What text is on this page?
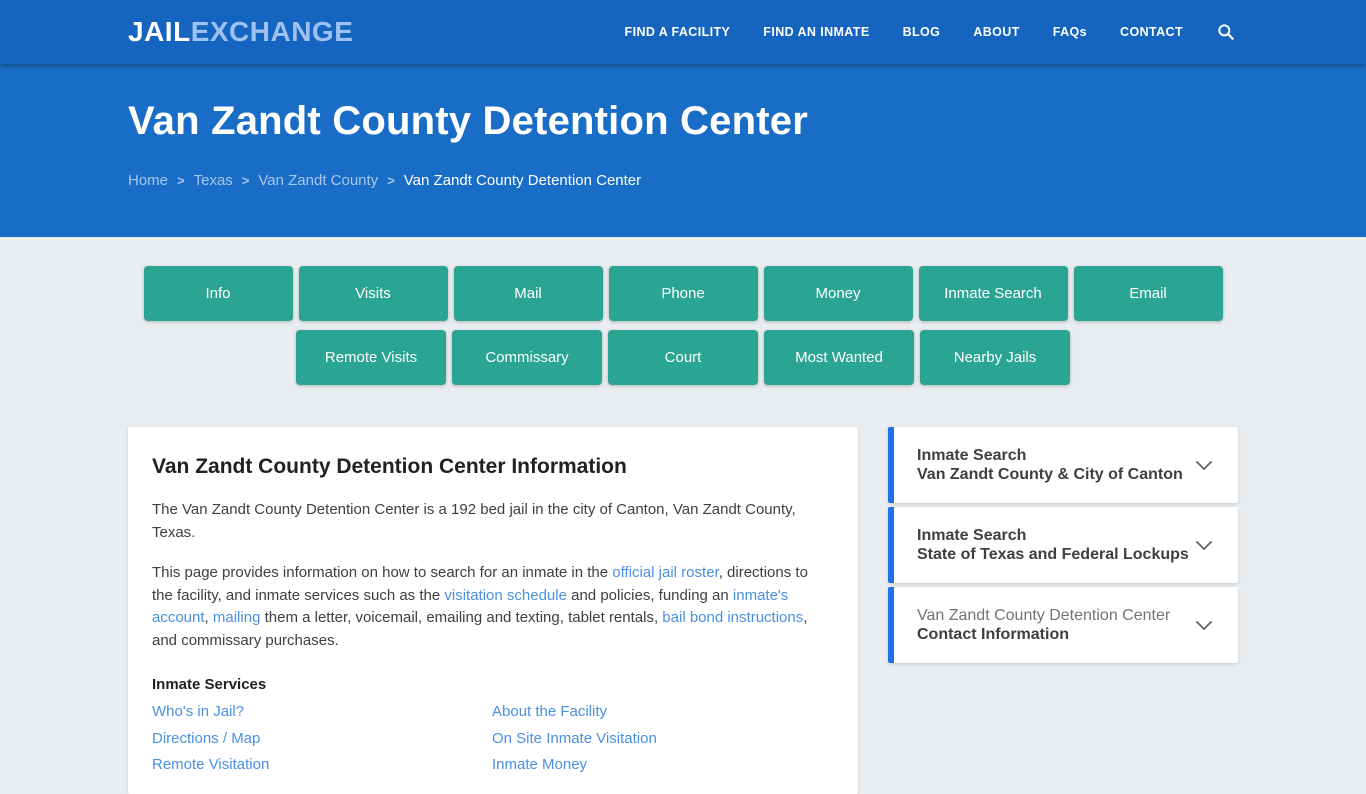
JAILEXCHANGE	FIND A FACILITY	FIND AN INMATE	BLOG	ABOUT	FAQs	CONTACT
Van Zandt County Detention Center
Home > Texas > Van Zandt County > Van Zandt County Detention Center
Info	Visits	Mail	Phone	Money	Inmate Search	Email
Remote Visits	Commissary	Court	Most Wanted	Nearby Jails
Van Zandt County Detention Center Information

The Van Zandt County Detention Center is a 192 bed jail in the city of Canton, Van Zandt County, Texas.

This page provides information on how to search for an inmate in the official jail roster, directions to the facility, and inmate services such as the visitation schedule and policies, funding an inmate's account, mailing them a letter, voicemail, emailing and texting, tablet rentals, bail bond instructions, and commissary purchases.

Inmate Services
Who's in Jail?
Directions / Map
Remote Visitation
About the Facility
On Site Inmate Visitation
Inmate Money
Inmate Search
Van Zandt County & City of Canton
Inmate Search
State of Texas and Federal Lockups
Van Zandt County Detention Center
Contact Information
